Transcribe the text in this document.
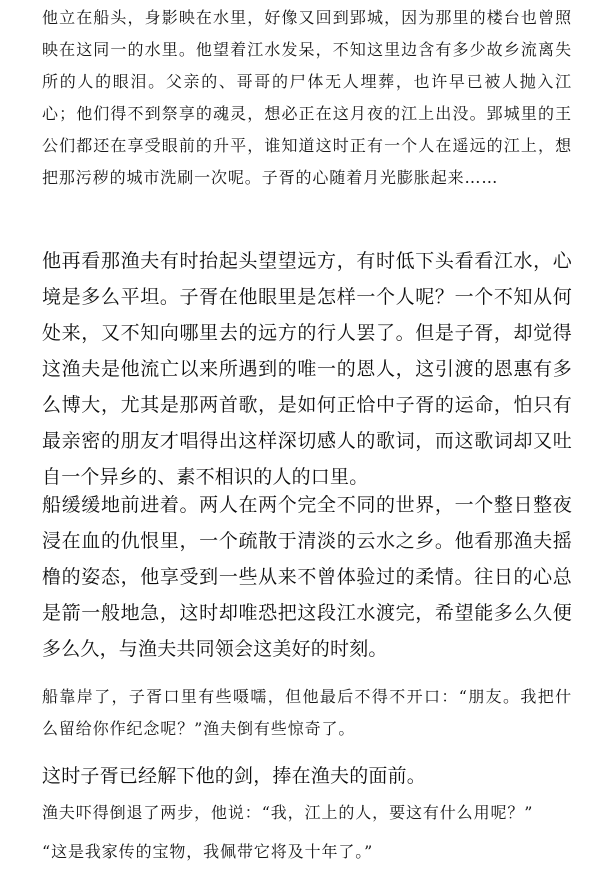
他立在船头，身影映在水里，好像又回到郢城，因为那里的楼台也曾照映在这同一的水里。他望着江水发呆，不知这里边含有多少故乡流离失所的人的眼泪。父亲的、哥哥的尸体无人埋葬，也许早已被人抛入江心；他们得不到祭享的魂灵，想必正在这月夜的江上出没。郢城里的王公们都还在享受眼前的升平，谁知道这时正有一个人在遥远的江上，想把那污秽的城市洗刷一次呢。子胥的心随着月光膨胀起来……

他再看那渔夫有时抬起头望望远方，有时低下头看看江水，心境是多么平坦。子胥在他眼里是怎样一个人呢？一个不知从何处来，又不知向哪里去的远方的行人罢了。但是子胥，却觉得这渔夫是他流亡以来所遇到的唯一的恩人，这引渡的恩惠有多么博大，尤其是那两首歌，是如何正恰中子胥的运命，怕只有最亲密的朋友才唱得出这样深切感人的歌词，而这歌词却又吐自一个异乡的、素不相识的人的口里。

船缓缓地前进着。两人在两个完全不同的世界，一个整日整夜浸在血的仇恨里，一个疏散于清淡的云水之乡。他看那渔夫摇橹的姿态，他享受到一些从来不曾体验过的柔情。往日的心总是箭一般地急，这时却唯恐把这段江水渡完，希望能多么久便多么久，与渔夫共同领会这美好的时刻。

船靠岸了，子胥口里有些嗫嚅，但他最后不得不开口：“朋友。我把什么留给你作纪念呢？”渔夫倒有些惊奇了。

这时子胥已经解下他的剑，捧在渔夫的面前。

渔夫吓得倒退了两步，他说：“我，江上的人，要这有什么用呢？”

“这是我家传的宝物，我佩带它将及十年了。”
